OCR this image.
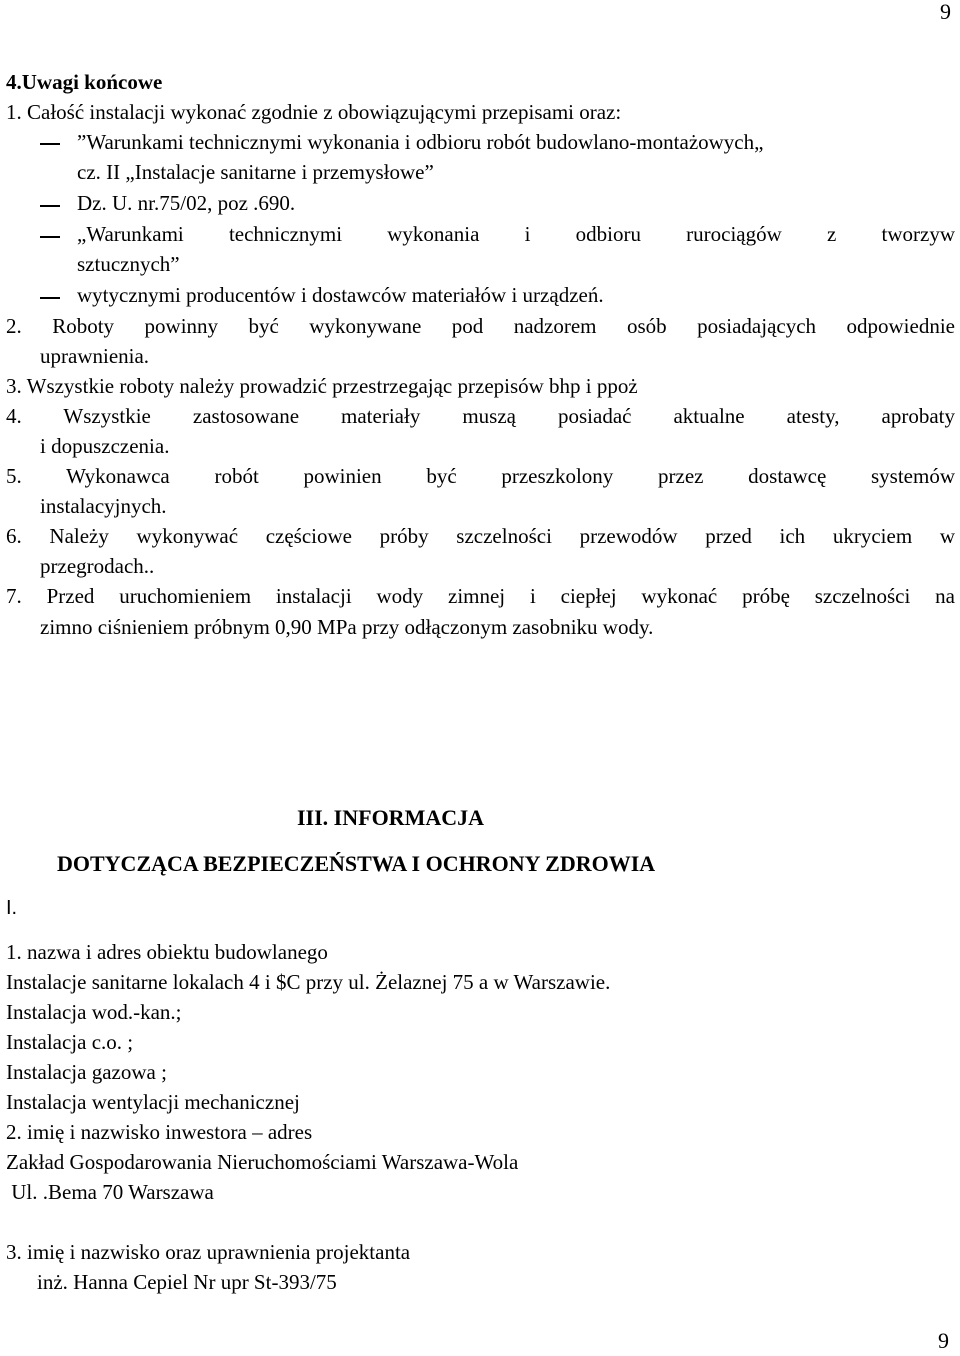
9
9
4.Uwagi końcowe
1. Całość instalacji wykonać zgodnie z obowiązującymi przepisami oraz:
”Warunkami technicznymi wykonania i odbioru robót budowlano-montażowych„
cz. II „Instalacje sanitarne i przemysłowe”
Dz. U. nr.75/02, poz .690.
„Warunkami technicznymi wykonania i odbioru rurociągów z tworzyw
sztucznych”
wytycznymi producentów i dostawców materiałów i urządzeń.
2. Roboty powinny być wykonywane pod nadzorem osób posiadających odpowiednie
uprawnienia.
3. Wszystkie roboty należy prowadzić przestrzegając przepisów bhp i ppoż
4. Wszystkie zastosowane materiały muszą posiadać aktualne atesty, aprobaty
i dopuszczenia.
5. Wykonawca robót powinien być przeszkolony przez dostawcę systemów
instalacyjnych.
6. Należy wykonywać częściowe próby szczelności przewodów przed ich ukryciem w
przegrodach..
7. Przed uruchomieniem instalacji wody zimnej i ciepłej wykonać próbę szczelności na
zimno ciśnieniem próbnym 0,90 MPa przy odłączonym zasobniku wody.
III. INFORMACJA
DOTYCZĄCA BEZPIECZEŃSTWA I OCHRONY ZDROWIA
I.
1. nazwa i adres obiektu budowlanego
Instalacje sanitarne lokalach 4 i $C przy ul. Żelaznej 75 a w Warszawie.
Instalacja wod.-kan.;
Instalacja c.o. ;
Instalacja gazowa ;
Instalacja wentylacji mechanicznej
2. imię i nazwisko inwestora – adres
Zakład Gospodarowania Nieruchomościami Warszawa-Wola
Ul. .Bema 70 Warszawa
3. imię i nazwisko oraz uprawnienia projektanta
inż. Hanna Cepiel Nr upr St-393/75
